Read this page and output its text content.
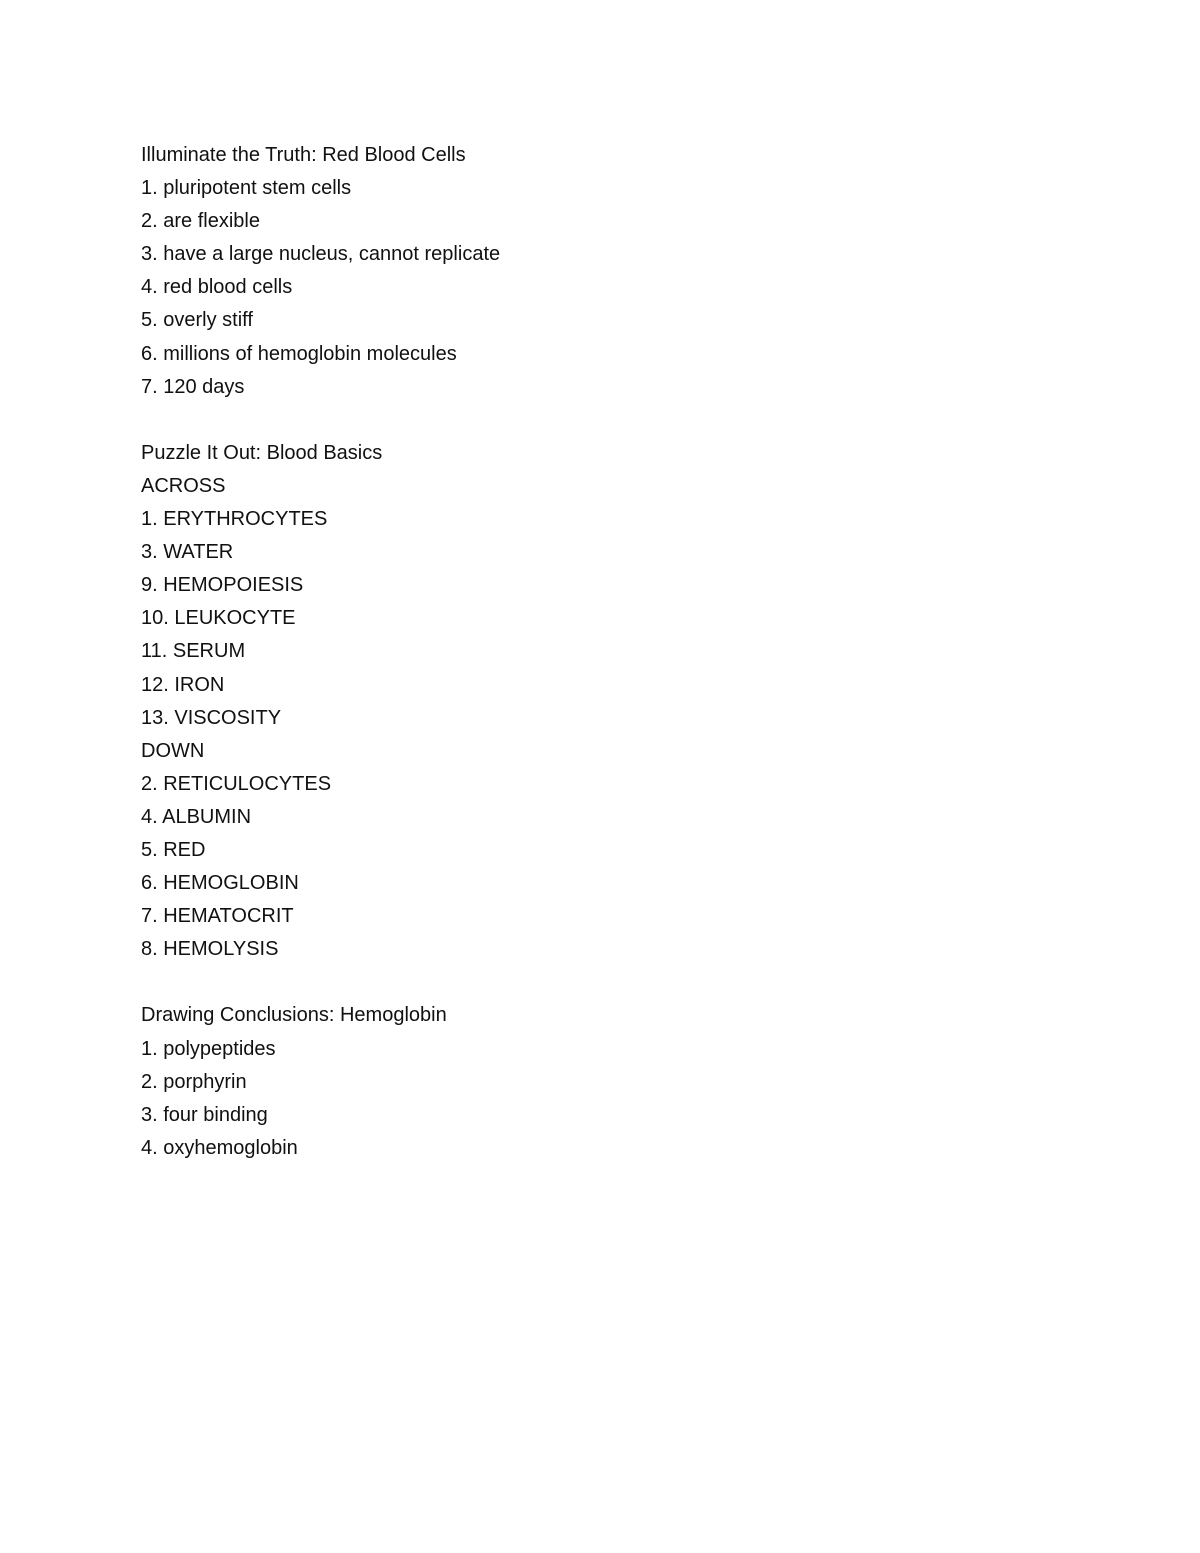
Illuminate the Truth: Red Blood Cells
1. pluripotent stem cells
2. are flexible
3. have a large nucleus, cannot replicate
4. red blood cells
5. overly stiff
6. millions of hemoglobin molecules
7. 120 days
Puzzle It Out: Blood Basics
ACROSS
1. ERYTHROCYTES
3. WATER
9. HEMOPOIESIS
10. LEUKOCYTE
11. SERUM
12. IRON
13. VISCOSITY
DOWN
2. RETICULOCYTES
4. ALBUMIN
5. RED
6. HEMOGLOBIN
7. HEMATOCRIT
8. HEMOLYSIS
Drawing Conclusions: Hemoglobin
1. polypeptides
2. porphyrin
3. four binding
4. oxyhemoglobin
